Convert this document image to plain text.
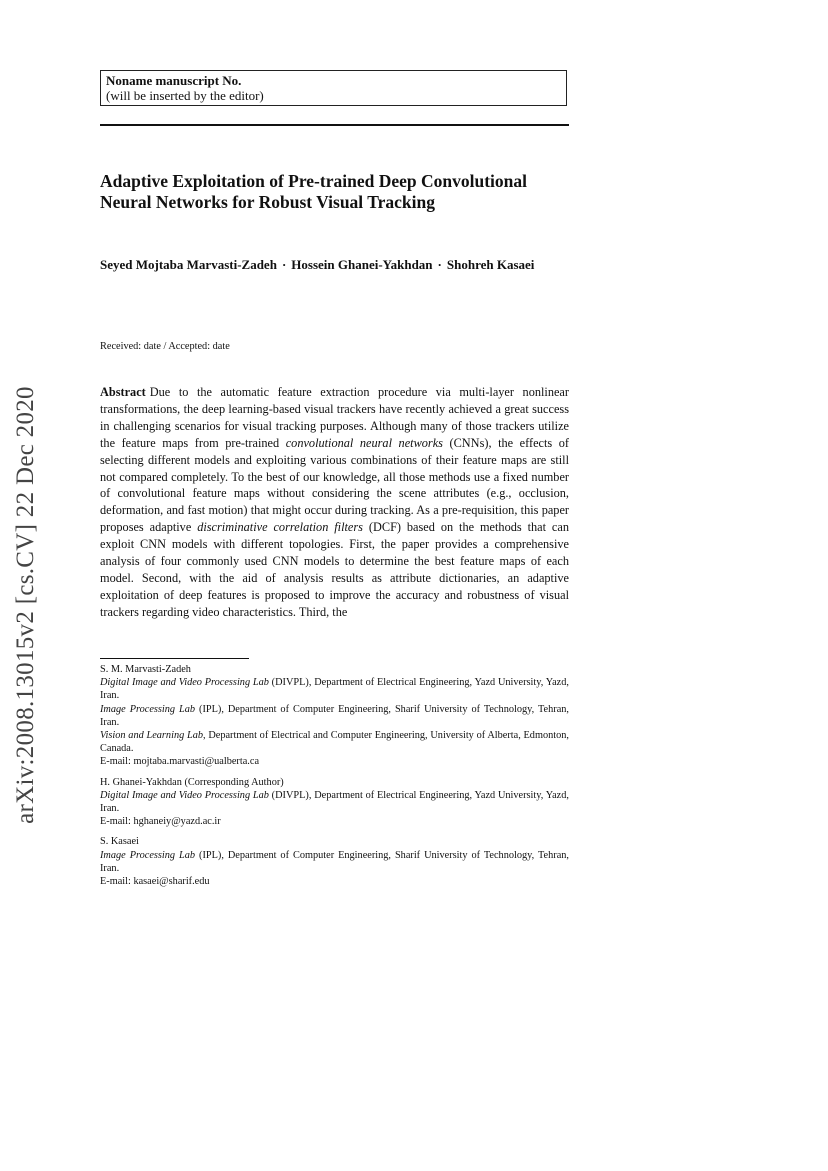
arXiv:2008.13015v2 [cs.CV] 22 Dec 2020
Noname manuscript No.
(will be inserted by the editor)
Adaptive Exploitation of Pre-trained Deep Convolutional Neural Networks for Robust Visual Tracking
Seyed Mojtaba Marvasti-Zadeh · Hossein Ghanei-Yakhdan · Shohreh Kasaei
Received: date / Accepted: date

Abstract Due to the automatic feature extraction procedure via multi-layer nonlinear transformations, the deep learning-based visual trackers have recently achieved a great success in challenging scenarios for visual tracking purposes. Although many of those trackers utilize the feature maps from pre-trained convolutional neural networks (CNNs), the effects of selecting different models and exploiting various combinations of their feature maps are still not compared completely. To the best of our knowledge, all those methods use a fixed number of convolutional feature maps without considering the scene attributes (e.g., occlusion, deformation, and fast motion) that might occur during tracking. As a pre-requisition, this paper proposes adaptive discriminative correlation filters (DCF) based on the methods that can exploit CNN models with different topologies. First, the paper provides a comprehensive analysis of four commonly used CNN models to determine the best feature maps of each model. Second, with the aid of analysis results as attribute dictionaries, an adaptive exploitation of deep features is proposed to improve the accuracy and robustness of visual trackers regarding video characteristics. Third, the

S. M. Marvasti-Zadeh
Digital Image and Video Processing Lab (DIVPL), Department of Electrical Engineering, Yazd University, Yazd, Iran.
Image Processing Lab (IPL), Department of Computer Engineering, Sharif University of Technology, Tehran, Iran.
Vision and Learning Lab, Department of Electrical and Computer Engineering, University of Alberta, Edmonton, Canada.
E-mail: mojtaba.marvasti@ualberta.ca
H. Ghanei-Yakhdan (Corresponding Author)
Digital Image and Video Processing Lab (DIVPL), Department of Electrical Engineering, Yazd University, Yazd, Iran.
E-mail: hghaneiy@yazd.ac.ir
S. Kasaei
Image Processing Lab (IPL), Department of Computer Engineering, Sharif University of Technology, Tehran, Iran.
E-mail: kasaei@sharif.edu
